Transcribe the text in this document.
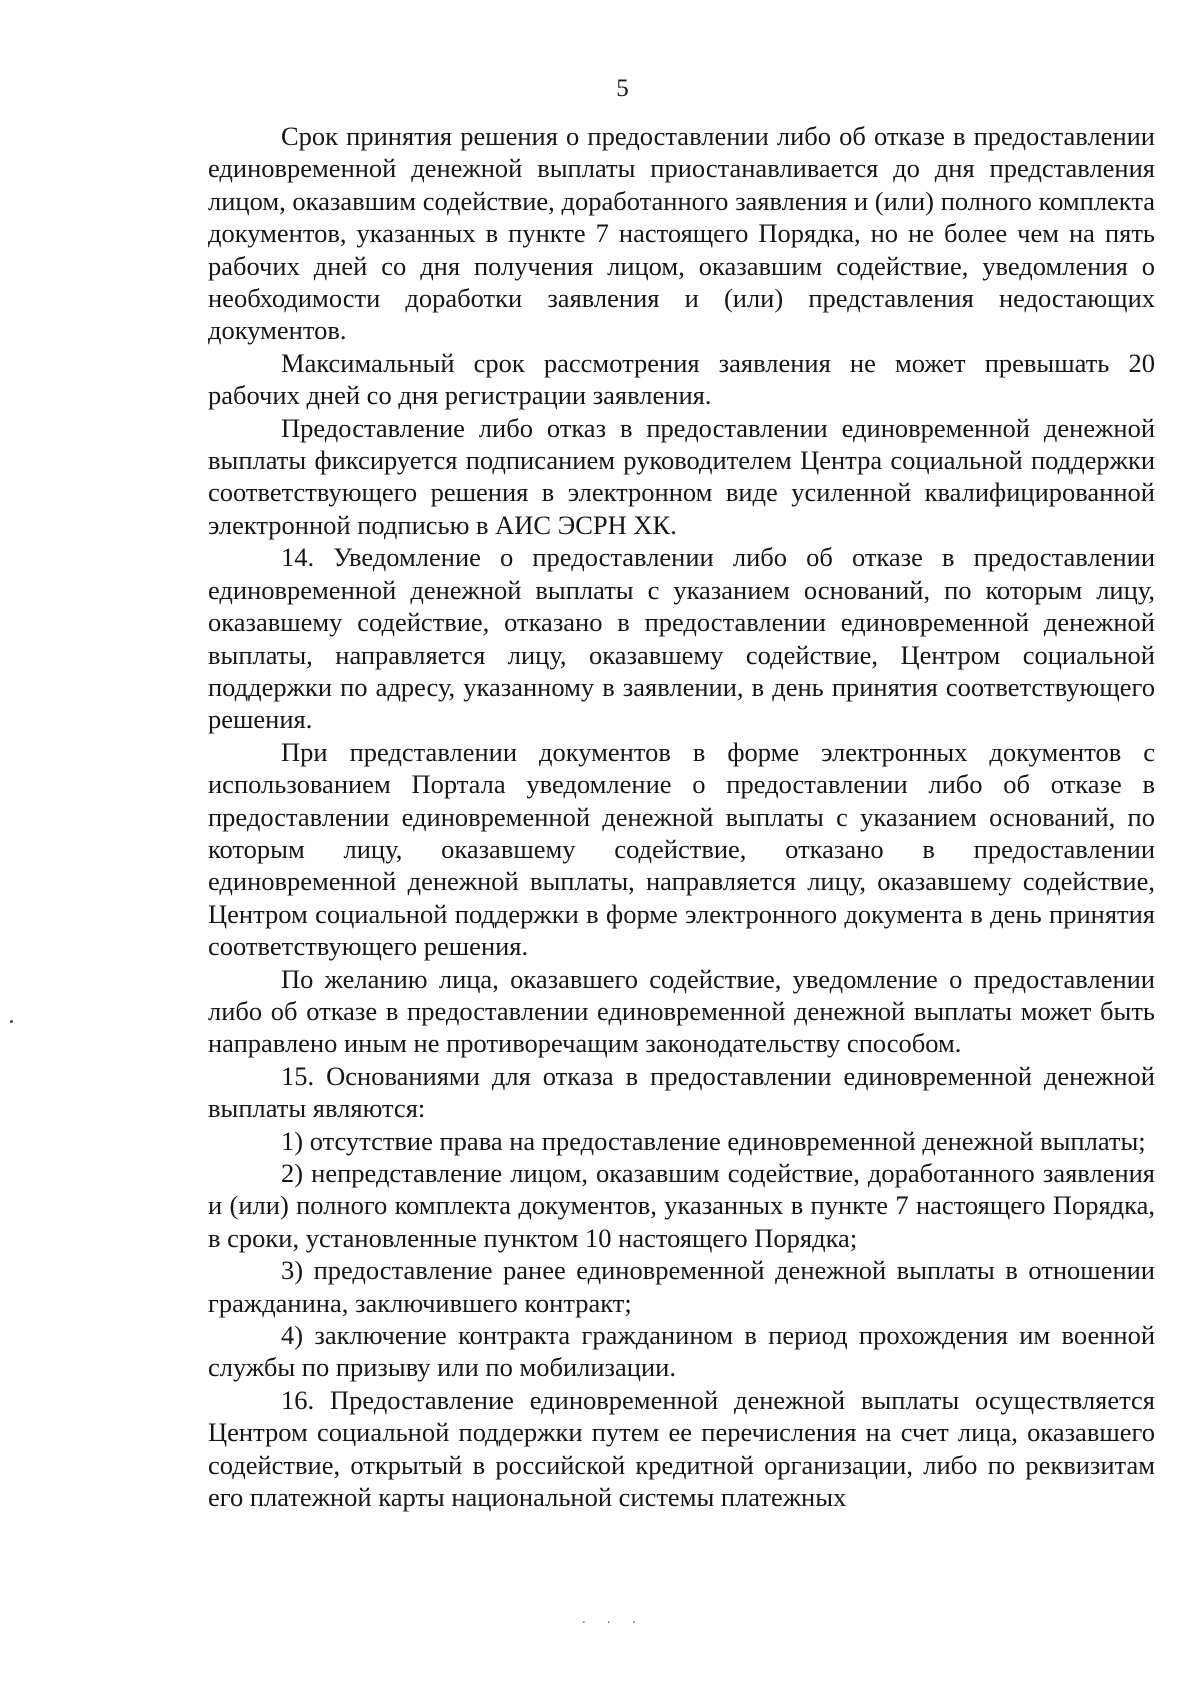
5

Срок принятия решения о предоставлении либо об отказе в предоставлении единовременной денежной выплаты приостанавливается до дня представления лицом, оказавшим содействие, доработанного заявления и (или) полного комплекта документов, указанных в пункте 7 настоящего Порядка, но не более чем на пять рабочих дней со дня получения лицом, оказавшим содействие, уведомления о необходимости доработки заявления и (или) представления недостающих документов.

Максимальный срок рассмотрения заявления не может превышать 20 рабочих дней со дня регистрации заявления.

Предоставление либо отказ в предоставлении единовременной денежной выплаты фиксируется подписанием руководителем Центра социальной поддержки соответствующего решения в электронном виде усиленной квалифицированной электронной подписью в АИС ЭСРН ХК.

14. Уведомление о предоставлении либо об отказе в предоставлении единовременной денежной выплаты с указанием оснований, по которым лицу, оказавшему содействие, отказано в предоставлении единовременной денежной выплаты, направляется лицу, оказавшему содействие, Центром социальной поддержки по адресу, указанному в заявлении, в день принятия соответствующего решения.

При представлении документов в форме электронных документов с использованием Портала уведомление о предоставлении либо об отказе в предоставлении единовременной денежной выплаты с указанием оснований, по которым лицу, оказавшему содействие, отказано в предоставлении единовременной денежной выплаты, направляется лицу, оказавшему содействие, Центром социальной поддержки в форме электронного документа в день принятия соответствующего решения.

По желанию лица, оказавшего содействие, уведомление о предоставлении либо об отказе в предоставлении единовременной денежной выплаты может быть направлено иным не противоречащим законодательству способом.

15. Основаниями для отказа в предоставлении единовременной денежной выплаты являются:

1) отсутствие права на предоставление единовременной денежной выплаты;

2) непредставление лицом, оказавшим содействие, доработанного заявления и (или) полного комплекта документов, указанных в пункте 7 настоящего Порядка, в сроки, установленные пунктом 10 настоящего Порядка;

3) предоставление ранее единовременной денежной выплаты в отношении гражданина, заключившего контракт;

4) заключение контракта гражданином в период прохождения им военной службы по призыву или по мобилизации.

16. Предоставление единовременной денежной выплаты осуществляется Центром социальной поддержки путем ее перечисления на счет лица, оказавшего содействие, открытый в российской кредитной организации, либо по реквизитам его платежной карты национальной системы платежных

. . .
